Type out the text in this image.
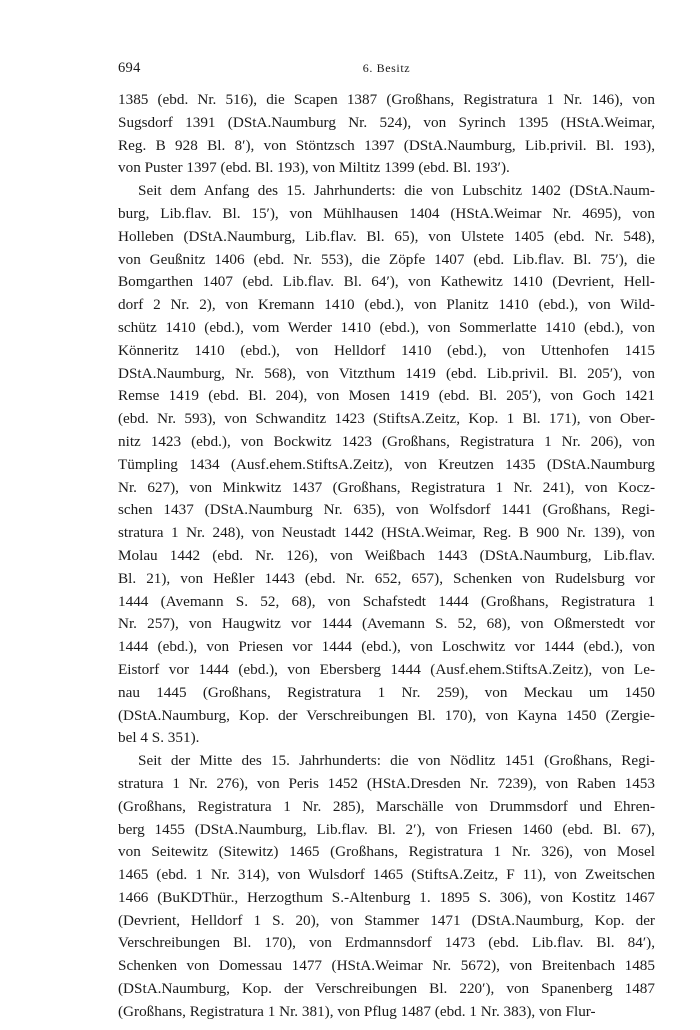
694	6. Besitz
1385 (ebd. Nr. 516), die Scapen 1387 (Großhans, Registratura 1 Nr. 146), von
Sugsdorf 1391 (DStA.Naumburg Nr. 524), von Syrinch 1395 (HStA.Weimar,
Reg. B 928 Bl. 8′), von Stöntzsch 1397 (DStA.Naumburg, Lib.privil. Bl. 193),
von Puster 1397 (ebd. Bl. 193), von Miltitz 1399 (ebd. Bl. 193′).
Seit dem Anfang des 15. Jahrhunderts: die von Lubschitz 1402 (DStA.Naum-
burg, Lib.flav. Bl. 15′), von Mühlhausen 1404 (HStA.Weimar Nr. 4695), von
Holleben (DStA.Naumburg, Lib.flav. Bl. 65), von Ulstete 1405 (ebd. Nr. 548),
von Geußnitz 1406 (ebd. Nr. 553), die Zöpfe 1407 (ebd. Lib.flav. Bl. 75′), die
Bomgarthen 1407 (ebd. Lib.flav. Bl. 64′), von Kathewitz 1410 (Devrient, Hell-
dorf 2 Nr. 2), von Kremann 1410 (ebd.), von Planitz 1410 (ebd.), von Wild-
schütz 1410 (ebd.), vom Werder 1410 (ebd.), von Sommerlatte 1410 (ebd.), von
Könneritz 1410 (ebd.), von Helldorf 1410 (ebd.), von Uttenhofen 1415
DStA.Naumburg, Nr. 568), von Vitzthum 1419 (ebd. Lib.privil. Bl. 205′), von
Remse 1419 (ebd. Bl. 204), von Mosen 1419 (ebd. Bl. 205′), von Goch 1421
(ebd. Nr. 593), von Schwanditz 1423 (StiftsA.Zeitz, Kop. 1 Bl. 171), von Ober-
nitz 1423 (ebd.), von Bockwitz 1423 (Großhans, Registratura 1 Nr. 206), von
Tümpling 1434 (Ausf.ehem.StiftsA.Zeitz), von Kreutzen 1435 (DStA.Naumburg
Nr. 627), von Minkwitz 1437 (Großhans, Registratura 1 Nr. 241), von Kocz-
schen 1437 (DStA.Naumburg Nr. 635), von Wolfsdorf 1441 (Großhans, Regi-
stratura 1 Nr. 248), von Neustadt 1442 (HStA.Weimar, Reg. B 900 Nr. 139), von
Molau 1442 (ebd. Nr. 126), von Weißbach 1443 (DStA.Naumburg, Lib.flav.
Bl. 21), von Heßler 1443 (ebd. Nr. 652, 657), Schenken von Rudelsburg vor
1444 (Avemann S. 52, 68), von Schafstedt 1444 (Großhans, Registratura 1
Nr. 257), von Haugwitz vor 1444 (Avemann S. 52, 68), von Oßmerstedt vor
1444 (ebd.), von Priesen vor 1444 (ebd.), von Loschwitz vor 1444 (ebd.), von
Eistorf vor 1444 (ebd.), von Ebersberg 1444 (Ausf.ehem.StiftsA.Zeitz), von Le-
nau 1445 (Großhans, Registratura 1 Nr. 259), von Meckau um 1450
(DStA.Naumburg, Kop. der Verschreibungen Bl. 170), von Kayna 1450 (Zergie-
bel 4 S. 351).
Seit der Mitte des 15. Jahrhunderts: die von Nödlitz 1451 (Großhans, Regi-
stratura 1 Nr. 276), von Peris 1452 (HStA.Dresden Nr. 7239), von Raben 1453
(Großhans, Registratura 1 Nr. 285), Marschälle von Drummsdorf und Ehren-
berg 1455 (DStA.Naumburg, Lib.flav. Bl. 2′), von Friesen 1460 (ebd. Bl. 67),
von Seitewitz (Sitewitz) 1465 (Großhans, Registratura 1 Nr. 326), von Mosel
1465 (ebd. 1 Nr. 314), von Wulsdorf 1465 (StiftsA.Zeitz, F 11), von Zweitschen
1466 (BuKDThür., Herzogthum S.-Altenburg 1. 1895 S. 306), von Kostitz 1467
(Devrient, Helldorf 1 S. 20), von Stammer 1471 (DStA.Naumburg, Kop. der
Verschreibungen Bl. 170), von Erdmannsdorf 1473 (ebd. Lib.flav. Bl. 84′),
Schenken von Domessau 1477 (HStA.Weimar Nr. 5672), von Breitenbach 1485
(DStA.Naumburg, Kop. der Verschreibungen Bl. 220′), von Spanenberg 1487
(Großhans, Registratura 1 Nr. 381), von Pflug 1487 (ebd. 1 Nr. 383), von Flur-
